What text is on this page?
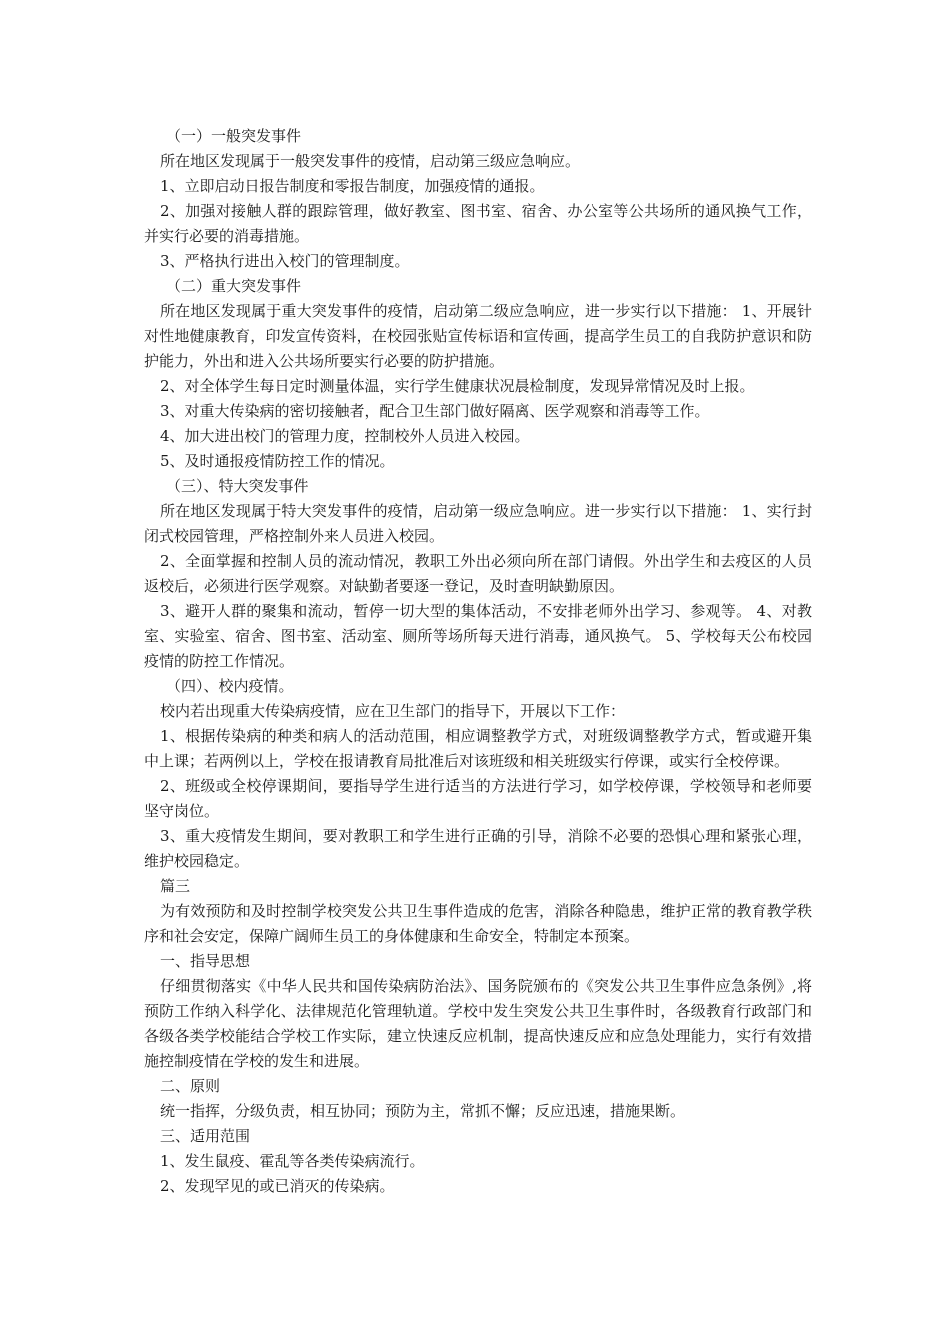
（一）一般突发事件

所在地区发现属于一般突发事件的疫情，启动第三级应急响应。

1、立即启动日报告制度和零报告制度，加强疫情的通报。

2、加强对接触人群的跟踪管理，做好教室、图书室、宿舍、办公室等公共场所的通风换气工作，并实行必要的消毒措施。

3、严格执行进出入校门的管理制度。

（二）重大突发事件

所在地区发现属于重大突发事件的疫情，启动第二级应急响应，进一步实行以下措施： 1、开展针对性地健康教育，印发宣传资料，在校园张贴宣传标语和宣传画，提高学生员工的自我防护意识和防护能力，外出和进入公共场所要实行必要的防护措施。

2、对全体学生每日定时测量体温，实行学生健康状况晨检制度，发现异常情况及时上报。

3、对重大传染病的密切接触者，配合卫生部门做好隔离、医学观察和消毒等工作。

4、加大进出校门的管理力度，控制校外人员进入校园。

5、及时通报疫情防控工作的情况。

（三）、特大突发事件

所在地区发现属于特大突发事件的疫情，启动第一级应急响应。进一步实行以下措施： 1、实行封闭式校园管理，严格控制外来人员进入校园。

2、全面掌握和控制人员的流动情况，教职工外出必须向所在部门请假。外出学生和去疫区的人员返校后，必须进行医学观察。对缺勤者要逐一登记，及时查明缺勤原因。

3、避开人群的聚集和流动，暂停一切大型的集体活动，不安排老师外出学习、参观等。 4、对教室、实验室、宿舍、图书室、活动室、厕所等场所每天进行消毒，通风换气。 5、学校每天公布校园疫情的防控工作情况。

（四）、校内疫情。

校内若出现重大传染病疫情，应在卫生部门的指导下，开展以下工作：

1、根据传染病的种类和病人的活动范围，相应调整教学方式，对班级调整教学方式，暂或避开集中上课；若两例以上，学校在报请教育局批准后对该班级和相关班级实行停课，或实行全校停课。

2、班级或全校停课期间，要指导学生进行适当的方法进行学习，如学校停课，学校领导和老师要坚守岗位。

3、重大疫情发生期间，要对教职工和学生进行正确的引导，消除不必要的恐惧心理和紧张心理，维护校园稳定。

篇三

为有效预防和及时控制学校突发公共卫生事件造成的危害，消除各种隐患，维护正常的教育教学秩序和社会安定，保障广阔师生员工的身体健康和生命安全，特制定本预案。

一、指导思想

仔细贯彻落实《中华人民共和国传染病防治法》、国务院颁布的《突发公共卫生事件应急条例》,将预防工作纳入科学化、法律规范化管理轨道。学校中发生突发公共卫生事件时，各级教育行政部门和各级各类学校能结合学校工作实际，建立快速反应机制，提高快速反应和应急处理能力，实行有效措施控制疫情在学校的发生和进展。

二、原则

统一指挥，分级负责，相互协同；预防为主，常抓不懈；反应迅速，措施果断。

三、适用范围

1、发生鼠疫、霍乱等各类传染病流行。

2、发现罕见的或已消灭的传染病。
